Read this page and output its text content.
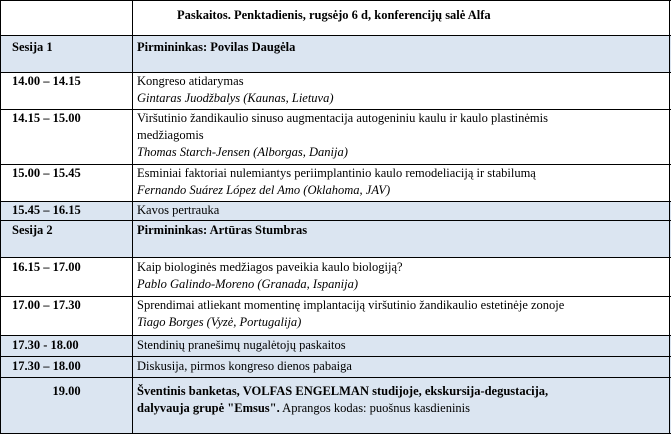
Paskaitos. Penktadienis, rugsėjo 6 d, konferencijų salė Alfa
Sesija 1	Pirmininkas: Povilas Daugėla
14.00 – 14.15	Kongreso atidarymas
Gintaras Juodžbalys (Kaunas, Lietuva)
14.15 – 15.00	Viršutinio žandikaulio sinuso augmentacija autogeniniu kaulu ir kaulo plastinėmis
medžiagomis
Thomas Starch-Jensen (Alborgas, Danija)
15.00 – 15.45	Esminiai faktoriai nulemiantys periimplantinio kaulo remodeliaciją ir stabilumą
Fernando Suárez López del Amo (Oklahoma, JAV)
15.45 – 16.15	Kavos pertrauka
Sesija 2	Pirmininkas: Artūras Stumbras
16.15 – 17.00	Kaip biologinės medžiagos paveikia kaulo biologiją?
Pablo Galindo-Moreno (Granada, Ispanija)
17.00 – 17.30	Sprendimai atliekant momentinę implantaciją viršutinio žandikaulio estetinėje zonoje
Tiago Borges (Vyzė, Portugalija)
17.30 - 18.00	Stendinių pranešimų nugalėtojų paskaitos
17.30 – 18.00	Diskusija, pirmos kongreso dienos pabaiga
19.00	Šventinis banketas, VOLFAS ENGELMAN studijoje, ekskursija-degustacija,
dalyvauja grupė "Emsus". Aprangos kodas: puošnus kasdieninis
